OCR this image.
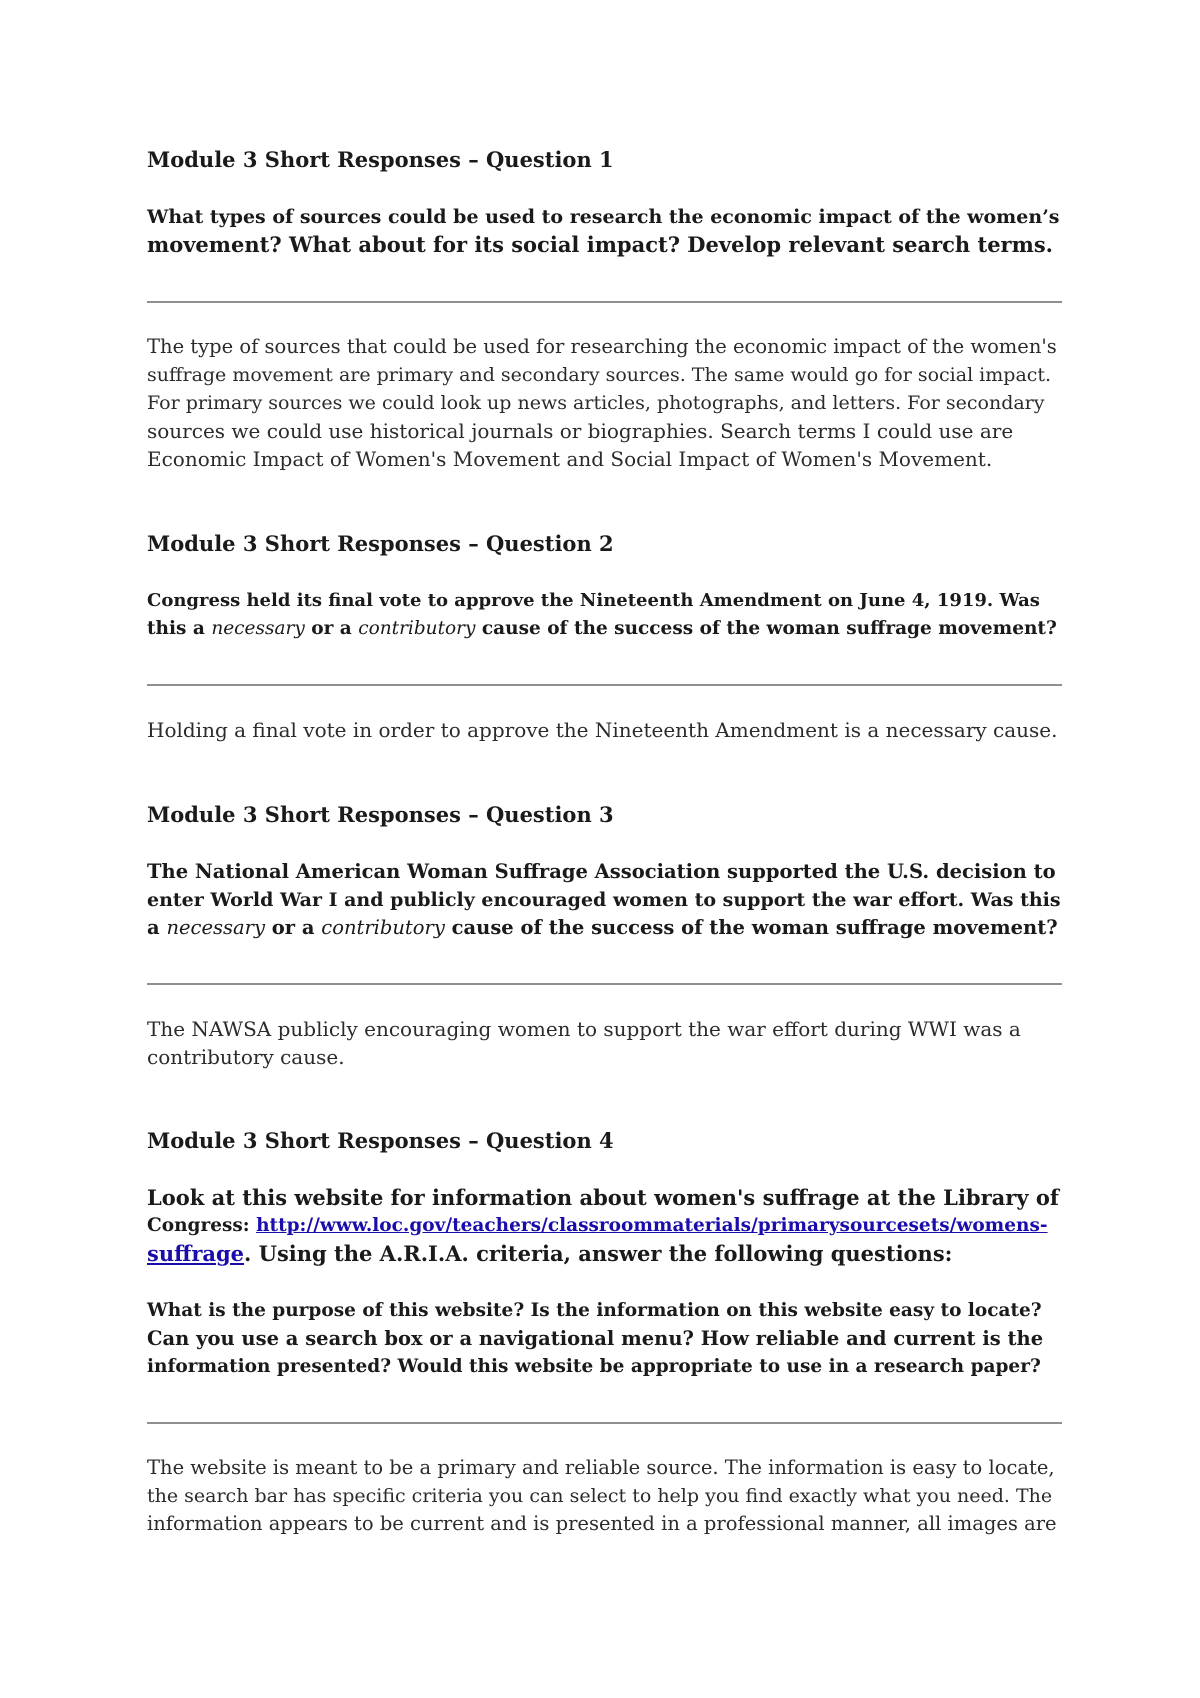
Module 3 Short Responses – Question 1
What types of sources could be used to research the economic impact of the women’s
movement? What about for its social impact? Develop relevant search terms.
The type of sources that could be used for researching the economic impact of the women's
suffrage movement are primary and secondary sources. The same would go for social impact.
For primary sources we could look up news articles, photographs, and letters. For secondary
sources we could use historical journals or biographies. Search terms I could use are
Economic Impact of Women's Movement and Social Impact of Women's Movement.
Module 3 Short Responses – Question 2
Congress held its final vote to approve the Nineteenth Amendment on June 4, 1919. Was
this a necessary or a contributory cause of the success of the woman suffrage movement?
Holding a final vote in order to approve the Nineteenth Amendment is a necessary cause.
Module 3 Short Responses – Question 3
The National American Woman Suffrage Association supported the U.S. decision to
enter World War I and publicly encouraged women to support the war effort. Was this
a necessary or a contributory cause of the success of the woman suffrage movement?
The NAWSA publicly encouraging women to support the war effort during WWI was a
contributory cause.
Module 3 Short Responses – Question 4
Look at this website for information about women's suffrage at the Library of
Congress: http://www.loc.gov/teachers/classroommaterials/primarysourcesets/womens-
suffrage. Using the A.R.I.A. criteria, answer the following questions:
What is the purpose of this website? Is the information on this website easy to locate?
Can you use a search box or a navigational menu? How reliable and current is the
information presented? Would this website be appropriate to use in a research paper?
The website is meant to be a primary and reliable source. The information is easy to locate,
the search bar has specific criteria you can select to help you find exactly what you need. The
information appears to be current and is presented in a professional manner, all images are
